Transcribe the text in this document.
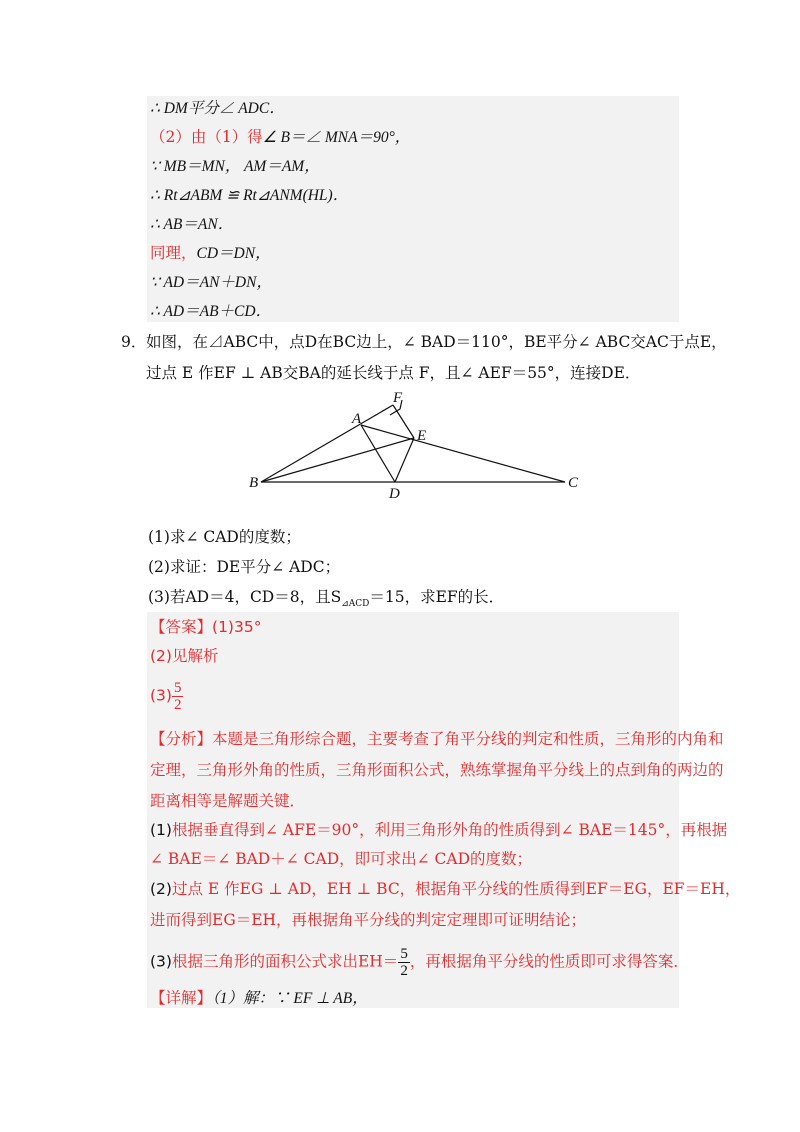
∴ DM平分∠ ADC．
（2）由（1）得∠ B＝∠ MNA＝90°，
∵ MB＝MN， AM＝AM，
∴ Rt⊿ABM ≌ Rt⊿ANM(HL)．
∴ AB＝AN．
同理，CD＝DN，
∵ AD＝AN＋DN，
∴ AD＝AB＋CD．
9． 如图，在⊿ABC中，点D在BC边上，∠ BAD＝110°，BE平分∠ ABC交AC于点E，
过点 E 作EF ⊥ AB交BA的延长线于点 F，且∠ AEF＝55°，连接DE．
F
A
E
B
D
C
(1)求∠ CAD的度数；
(2)求证：DE平分∠ ADC；
(3)若AD＝4，CD＝8，且$S_{⊿ACD}=15$，求EF的长．
【答案】(1)35°
(2)见解析
$(3) \frac{5}{2}$
【分析】本题是三角形综合题，主要考查了角平分线的判定和性质，三角形的内角和
定理，三角形外角的性质，三角形面积公式，熟练掌握角平分线上的点到角的两边的
距离相等是解题关键．
(1)根据垂直得到∠ AFE＝90°，利用三角形外角的性质得到∠ BAE＝145°，再根据
∠ BAE＝∠ BAD＋∠ CAD，即可求出∠ CAD的度数；
(2)过点 E 作EG ⊥ AD，EH ⊥ BC，根据角平分线的性质得到EF＝EG，EF＝EH，
进而得到EG＝EH，再根据角平分线的判定定理即可证明结论；
(3)根据三角形的面积公式求出$EH= \frac{5}{2}$ ，再根据角平分线的性质即可求得答案．
【详解】（1）解：∵ EF ⊥ AB，
